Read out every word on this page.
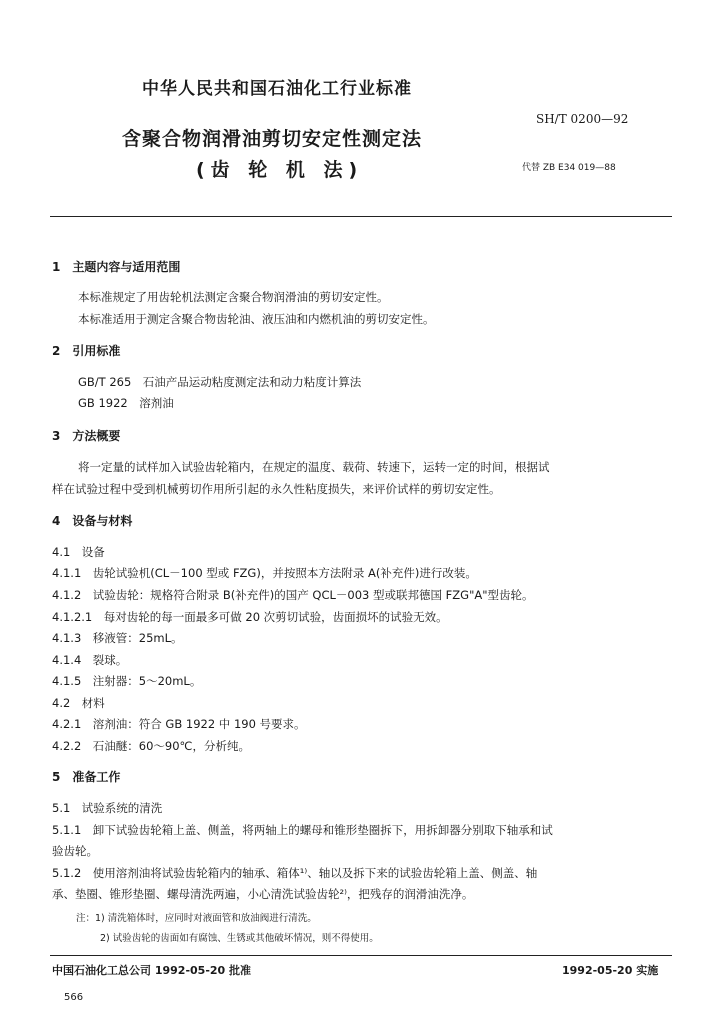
中华人民共和国石油化工行业标准
SH/T 0200—92
含聚合物润滑油剪切安定性测定法
(齿 轮 机 法)	代替 ZB E34 019—88
1　主题内容与适用范围
本标准规定了用齿轮机法测定含聚合物润滑油的剪切安定性。
本标准适用于测定含聚合物齿轮油、液压油和内燃机油的剪切安定性。
2　引用标准
GB/T 265　石油产品运动粘度测定法和动力粘度计算法
GB 1922　溶剂油
3　方法概要
将一定量的试样加入试验齿轮箱内，在规定的温度、载荷、转速下，运转一定的时间，根据试
样在试验过程中受到机械剪切作用所引起的永久性粘度损失，来评价试样的剪切安定性。
4　设备与材料
4.1　设备
4.1.1　齿轮试验机(CL－100 型或 FZG)，并按照本方法附录 A(补充件)进行改装。
4.1.2　试验齿轮：规格符合附录 B(补充件)的国产 QCL－003 型或联邦德国 FZG"A"型齿轮。
4.1.2.1　每对齿轮的每一面最多可做 20 次剪切试验，齿面损坏的试验无效。
4.1.3　移液管：25mL。
4.1.4　裂球。
4.1.5　注射器：5～20mL。
4.2　材料
4.2.1　溶剂油：符合 GB 1922 中 190 号要求。
4.2.2　石油醚：60～90℃，分析纯。
5　准备工作
5.1　试验系统的清洗
5.1.1　卸下试验齿轮箱上盖、侧盖，将两轴上的螺母和锥形垫圈拆下，用拆卸器分别取下轴承和试
验齿轮。
5.1.2　使用溶剂油将试验齿轮箱内的轴承、箱体¹⁾、轴以及拆下来的试验齿轮箱上盖、侧盖、轴
承、垫圈、锥形垫圈、螺母清洗两遍，小心清洗试验齿轮²⁾，把残存的润滑油洗净。
注：1) 清洗箱体时，应同时对液面管和放油阀进行清洗。
2) 试验齿轮的齿面如有腐蚀、生锈或其他破坏情况，则不得使用。
中国石油化工总公司 1992-05-20 批准	1992-05-20 实施
566
